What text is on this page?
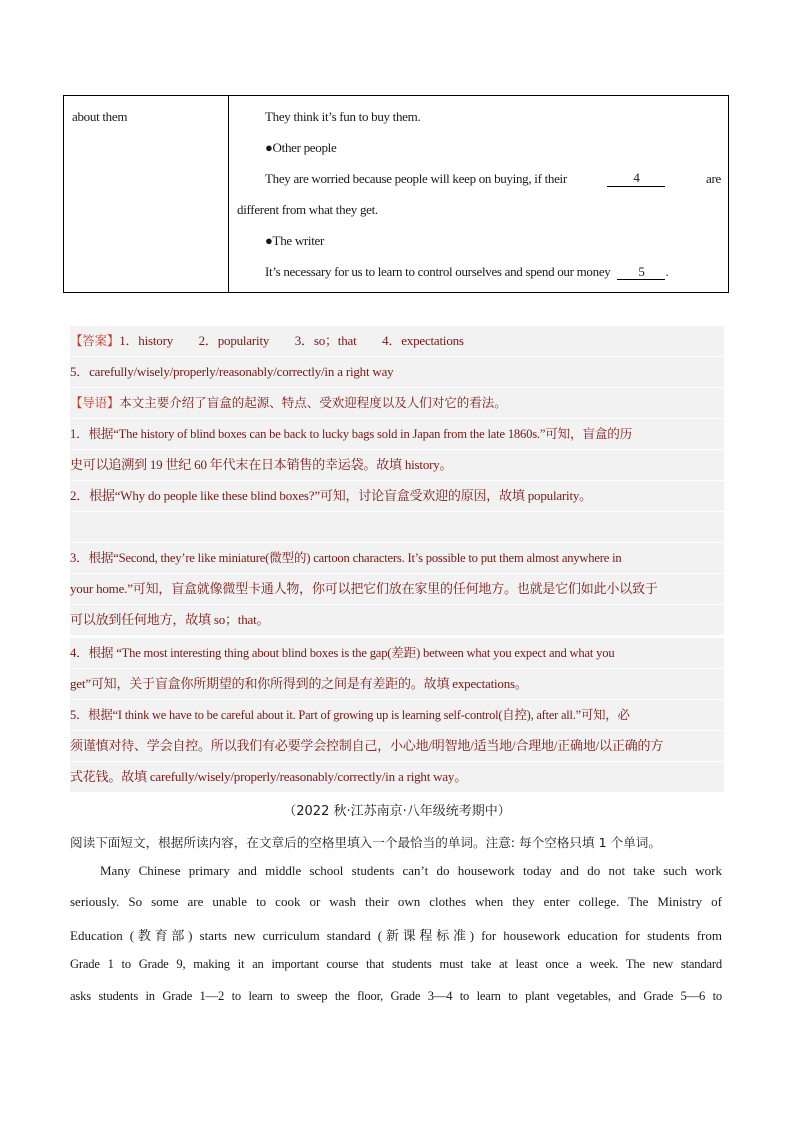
about them	They think it’s fun to buy them.
●Other people
They are worried because people will keep on buying, if their	4	are
different from what they get.
●The writer
It’s necessary for us to learn to control ourselves and spend our money 5 .
【答案】1．history　　2．popularity　　3．so；that　　4．expectations
5．carefully/wisely/properly/reasonably/correctly/in a right way
【导语】本文主要介绍了盲盒的起源、特点、受欢迎程度以及人们对它的看法。
1．根据“The history of blind boxes can be back to lucky bags sold in Japan from the late 1860s.”可知，盲盒的历
史可以追溯到 19 世纪 60 年代末在日本销售的幸运袋。故填 history。
2．根据“Why do people like these blind boxes?”可知，讨论盲盒受欢迎的原因，故填 popularity。
3．根据“Second, they’re like miniature(微型的) cartoon characters. It’s possible to put them almost anywhere in
your home.”可知，盲盒就像微型卡通人物，你可以把它们放在家里的任何地方。也就是它们如此小以致于
可以放到任何地方，故填 so；that。
4．根据 “The most interesting thing about blind boxes is the gap(差距) between what you expect and what you
get”可知，关于盲盒你所期望的和你所得到的之间是有差距的。故填 expectations。
5．根据“I think we have to be careful about it. Part of growing up is learning self-control(自控), after all.”可知，必
须谨慎对待、学会自控。所以我们有必要学会控制自己，小心地/明智地/适当地/合理地/正确地/以正确的方
式花钱。故填 carefully/wisely/properly/reasonably/correctly/in a right way。
（2022 秋·江苏南京·八年级统考期中）
阅读下面短文，根据所读内容，在文章后的空格里填入一个最恰当的单词。注意: 每个空格只填 1 个单词。
Many Chinese primary and middle school students can’t do housework today and do not take such work
seriously. So some are unable to cook or wash their own clothes when they enter college. The Ministry of
Education (教育部) starts new curriculum standard (新课程标准) for housework education for students from
Grade 1 to Grade 9, making it an important course that students must take at least once a week. The new standard
asks students in Grade 1—2 to learn to sweep the floor, Grade 3—4 to learn to plant vegetables, and Grade 5—6 to
